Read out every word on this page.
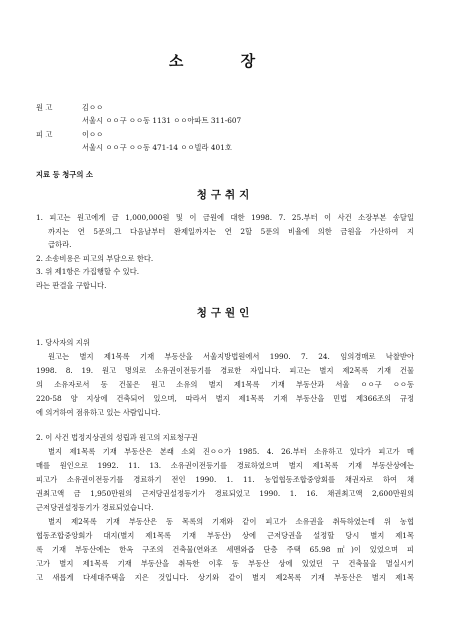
소 장
원 고	김ㅇㅇ
서울시 ㅇㅇ구 ㅇㅇ동 1131 ㅇㅇ아파트 311-607
피 고	이ㅇㅇ
서울시 ㅇㅇ구 ㅇㅇ동 471-14 ㅇㅇ빌라 401호
지료 등 청구의 소
청구취지
1. 피고는 원고에게 금 1,000,000원 및 이 금원에 대한 1998. 7. 25.부터 이 사건 소장부본 송달일
까지는 연 5푼의,그 다음날부터 완제일까지는 연 2할 5푼의 비율에 의한 금원을 가산하여 지
급하라.
2. 소송비용은 피고의 부담으로 한다.
3. 위 제1항은 가집행할 수 있다.
라는 판결을 구합니다.
청구원인
1. 당사자의 지위
원고는 별지 제1목록 기재 부동산을 서울지방법원에서 1990. 7. 24. 임의경매로 낙찰받아
1998. 8. 19. 원고 명의로 소유권이전등기를 경료한 자입니다. 피고는 별지 제2목록 기재 건물
의 소유자로서 동 건물은 원고 소유의 별지 제1목록 기재 부동산과 서울 ㅇㅇ구 ㅇㅇ동
220-58 양 지상에 건축되어 있으며, 따라서 별지 제1목록 기재 부동산을 민법 제366조의 규정
에 의거하여 점유하고 있는 사람입니다.
2. 이 사건 법정지상권의 성립과 원고의 지료청구권
별지 제1목록 기재 부동산은 본래 소외 진ㅇㅇ가 1985. 4. 26.부터 소유하고 있다가 피고가 매
매를 원인으로 1992. 11. 13. 소유권이전등기를 경료하였으며 별지 제1목록 기재 부동산상에는
피고가 소유권이전등기를 경료하기 전인 1990. 1. 11. 농업협동조합중앙회를 채권자로 하여 채
권최고액 금 1,950만원의 근저당권설정등기가 경료되었고 1990. 1. 16. 채권최고액 2,600만원의
근저당권설정등기가 경료되었습니다.
별지 제2목록 기재 부동산은 동 목록의 기재와 같이 피고가 소유권을 취득하였는데 위 농협
협동조합중앙회가 대지(별지 제1목록 기재 부동산) 상에 근저당권을 설정할 당시 별지 제1목
록 기재 부동산에는 한옥 구조의 건축물(연와조 세멘와즙 단층 주택 65.98㎡)이 있었으며 피
고가 별지 제1목록 기재 부동산을 취득한 이후 동 부동산 상에 있었던 구 건축물을 멸실시키
고 새롭게 다세대주택을 지은 것입니다. 상기와 같이 별지 제2목록 기재 부동산은 별지 제1목
